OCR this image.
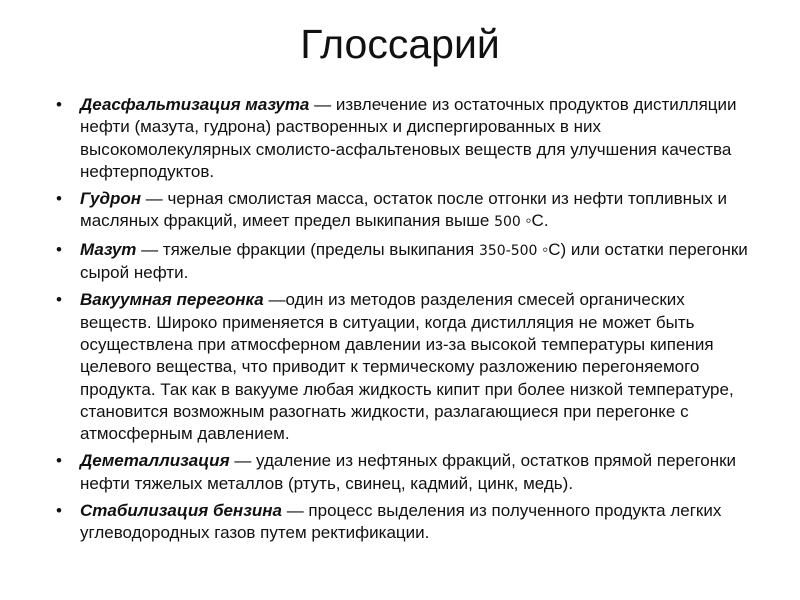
Глоссарий
• Деасфальтизация мазута — извлечение из остаточных продуктов дистилляции нефти (мазута, гудрона) растворенных и диспергированных в них высокомолекулярных смолисто-асфальтеновых веществ для улучшения качества нефтерподуктов.
• Гудрон — черная смолистая масса, остаток после отгонки из нефти топливных и масляных фракций, имеет предел выкипания выше 500 ◦С.
• Мазут — тяжелые фракции (пределы выкипания 350-500 ◦С) или остатки перегонки сырой нефти.
• Вакуумная перегонка —один из методов разделения смесей органических веществ. Широко применяется в ситуации, когда дистилляция не может быть осуществлена при атмосферном давлении из-за высокой температуры кипения целевого вещества, что приводит к термическому разложению перегоняемого продукта. Так как в вакууме любая жидкость кипит при более низкой температуре, становится возможным разогнать жидкости, разлагающиеся при перегонке с атмосферным давлением.
• Деметаллизация — удаление из нефтяных фракций, остатков прямой перегонки нефти тяжелых металлов (ртуть, свинец, кадмий, цинк, медь).
• Стабилизация бензина — процесс выделения из полученного продукта легких углеводородных газов путем ректификации.
